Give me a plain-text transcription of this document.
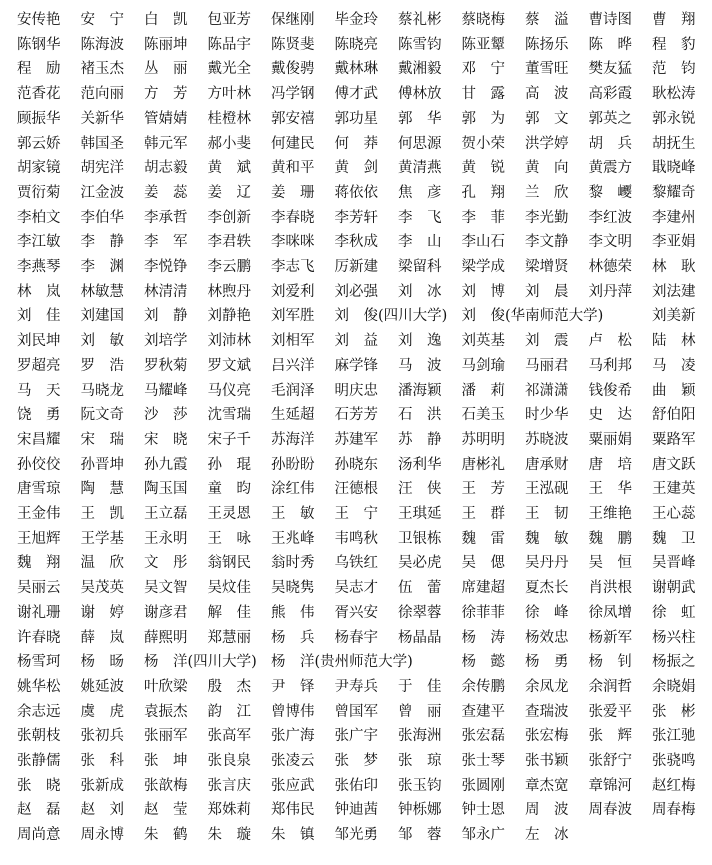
安传艳 安　宁 白　凯 包亚芳 保继刚 毕金玲 蔡礼彬 蔡晓梅 蔡　溢 曹诗图 曹　翔
陈钢华 陈海波 陈丽坤 陈品宇 陈贤斐 陈晓亮 陈雪钧 陈亚颦 陈扬乐 陈　晔 程　豹
程　励 褚玉杰 丛　丽 戴光全 戴俊骋 戴林琳 戴湘毅 邓　宁 董雪旺 樊友猛 范　钧
范香花 范向丽 方　芳 方叶林 冯学钢 傅才武 傅林放 甘　露 高　波 高彩霞 耿松涛
顾振华 关新华 管婧婧 桂橙林 郭安禧 郭功星 郭　华 郭　为 郭　文 郭英之 郭永锐
郭云娇 韩国圣 韩元军 郝小斐 何建民 何　莽 何思源 贺小荣 洪学婷 胡　兵 胡抚生
胡家镜 胡宪洋 胡志毅 黄　斌 黄和平 黄　剑 黄清燕 黄　锐 黄　向 黄震方 戢晓峰
贾衍菊 江金波 姜　蕊 姜　辽 姜　珊 蒋依依 焦　彦 孔　翔 兰　欣 黎　巎 黎耀奇
李柏文 李伯华 李承哲 李创新 李春晓 李芳轩 李　飞 李　菲 李光勤 李红波 李建州
李江敏 李　静 李　军 李君轶 李咪咪 李秋成 李　山 李山石 李文静 李文明 李亚娟
李燕琴 李　渊 李悦铮 李云鹏 李志飞 厉新建 梁留科 梁学成 梁增贤 林德荣 林　耿
林　岚 林敏慧 林清清 林煦丹 刘爱利 刘必强 刘　冰 刘　博 刘　晨 刘丹萍 刘法建
刘　佳 刘建国 刘　静 刘静艳 刘军胜 刘　俊(四川大学) 刘　俊(华南师范大学)	刘美新
刘民坤 刘　敏 刘培学 刘沛林 刘相军 刘　益 刘　逸 刘英基 刘　震 卢　松 陆　林
罗超亮 罗　浩 罗秋菊 罗文斌 吕兴洋 麻学锋 马　波 马剑瑜 马丽君 马利邦 马　凌
马　天 马晓龙 马耀峰 马仪亮 毛润泽 明庆忠 潘海颖 潘　莉 祁潇潇 钱俊希 曲　颖
饶　勇 阮文奇 沙　莎 沈雪瑞 生延超 石芳芳 石　洪 石美玉 时少华 史　达 舒伯阳
宋昌耀 宋　瑞 宋　晓 宋子千 苏海洋 苏建军 苏　静 苏明明 苏晓波 粟丽娟 粟路军
孙佼佼 孙晋坤 孙九霞 孙　琨 孙盼盼 孙晓东 汤利华 唐彬礼 唐承财 唐　培 唐文跃
唐雪琼 陶　慧 陶玉国 童　昀 涂红伟 汪德根 汪　侠 王　芳 王泓砚 王　华 王建英
王金伟 王　凯 王立磊 王灵恩 王　敏 王　宁 王琪延 王　群 王　韧 王维艳 王心蕊
王旭辉 王学基 王永明 王　咏 王兆峰 韦鸣秋 卫银栋 魏　雷 魏　敏 魏　鹏 魏　卫
魏　翔 温　欣 文　彤 翁钢民 翁时秀 乌铁红 吴必虎 吴　偲 吴丹丹 吴　恒 吴晋峰
吴丽云 吴茂英 吴文智 吴炆佳 吴晓隽 吴志才 伍　蕾 席建超 夏杰长 肖洪根 谢朝武
谢礼珊 谢　婷 谢彦君 解　佳 熊　伟 胥兴安 徐翠蓉 徐菲菲 徐　峰 徐凤增 徐　虹
许春晓 薛　岚 薛熙明 郑慧丽 杨　兵 杨春宇 杨晶晶 杨　涛 杨效忠 杨新军 杨兴柱
杨雪珂 杨　旸 杨　洋(四川大学) 杨　洋(贵州师范大学)	杨　懿 杨　勇 杨　钊 杨振之
姚华松 姚延波 叶欣梁 殷　杰 尹　铎 尹寿兵 于　佳 余传鹏 余凤龙 余润哲 余晓娟
余志远 虞　虎 袁振杰 韵　江 曾博伟 曾国军 曾　丽 查建平 查瑞波 张爱平 张　彬
张朝枝 张初兵 张丽军 张高军 张广海 张广宇 张海洲 张宏磊 张宏梅 张　辉 张江驰
张静儒 张　科 张　坤 张良泉 张凌云 张　梦 张　琼 张士琴 张书颖 张舒宁 张骁鸣
张　晓 张新成 张歆梅 张言庆 张应武 张佑印 张玉钧 张圆刚 章杰宽 章锦河 赵红梅
赵　磊 赵　刘 赵　莹 郑姝莉 郑伟民 钟迪茜 钟栎娜 钟士恩 周　波 周春波 周春梅
周尚意 周永博 朱　鹤 朱　璇 朱　镇 邹光勇 邹　蓉 邹永广 左　冰
